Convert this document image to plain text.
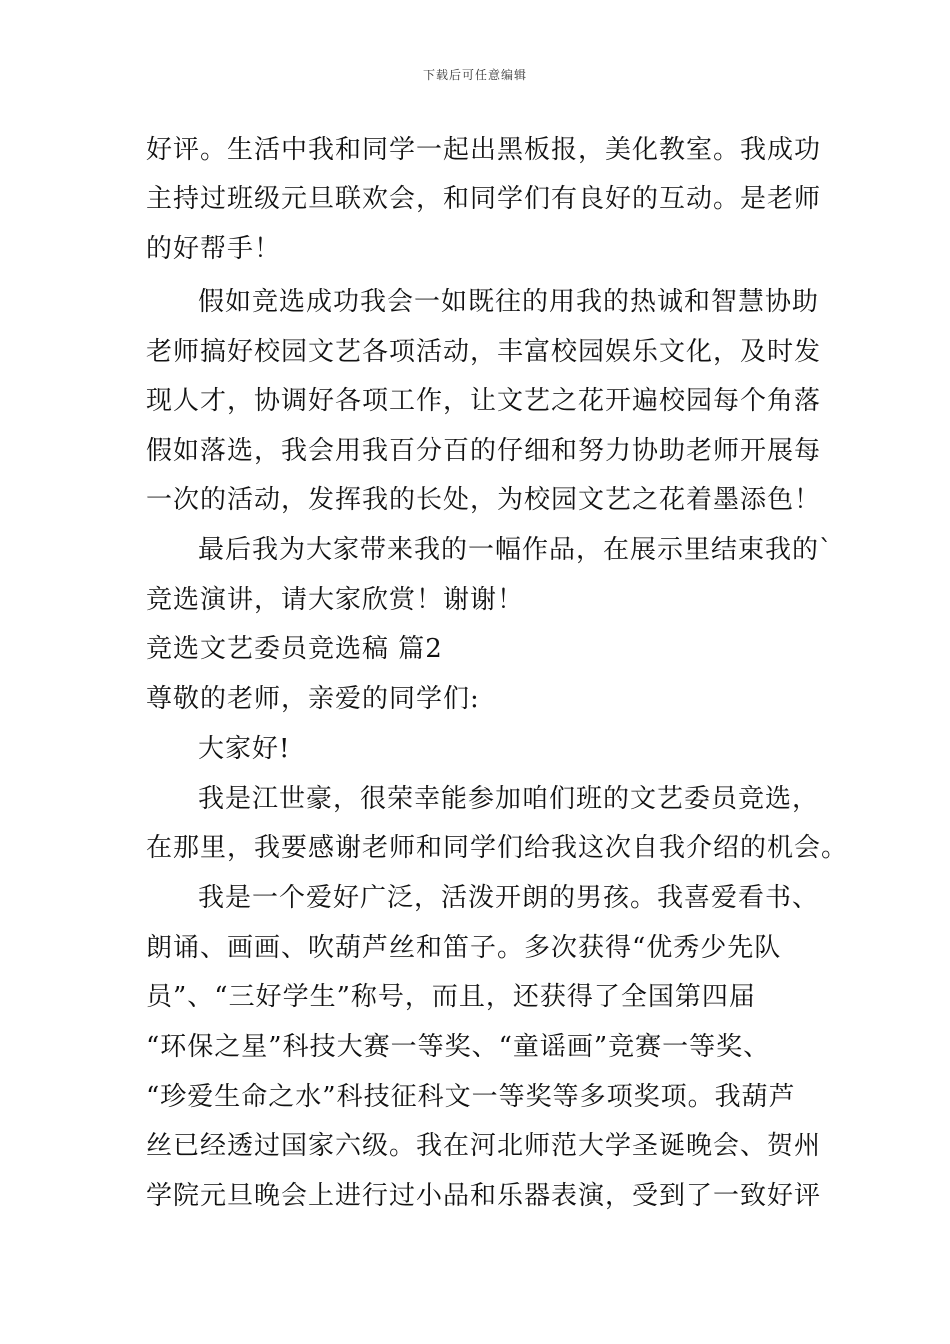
下载后可任意编辑
好评。生活中我和同学一起出黑板报，美化教室。我成功
主持过班级元旦联欢会，和同学们有良好的互动。是老师
的好帮手！
假如竞选成功我会一如既往的用我的热诚和智慧协助
老师搞好校园文艺各项活动，丰富校园娱乐文化，及时发
现人才，协调好各项工作，让文艺之花开遍校园每个角落
假如落选，我会用我百分百的仔细和努力协助老师开展每
一次的活动，发挥我的长处，为校园文艺之花着墨添色！
最后我为大家带来我的一幅作品，在展示里结束我的`
竞选演讲，请大家欣赏！谢谢！
竞选文艺委员竞选稿 篇2
尊敬的老师，亲爱的同学们:
大家好!
我是江世豪，很荣幸能参加咱们班的文艺委员竞选，
在那里，我要感谢老师和同学们给我这次自我介绍的机会。
我是一个爱好广泛，活泼开朗的男孩。我喜爱看书、
朗诵、画画、吹葫芦丝和笛子。多次获得“优秀少先队
员”、“三好学生”称号，而且，还获得了全国第四届
“环保之星”科技大赛一等奖、“童谣画”竞赛一等奖、
“珍爱生命之水”科技征科文一等奖等多项奖项。我葫芦
丝已经透过国家六级。我在河北师范大学圣诞晚会、贺州
学院元旦晚会上进行过小品和乐器表演，受到了一致好评
